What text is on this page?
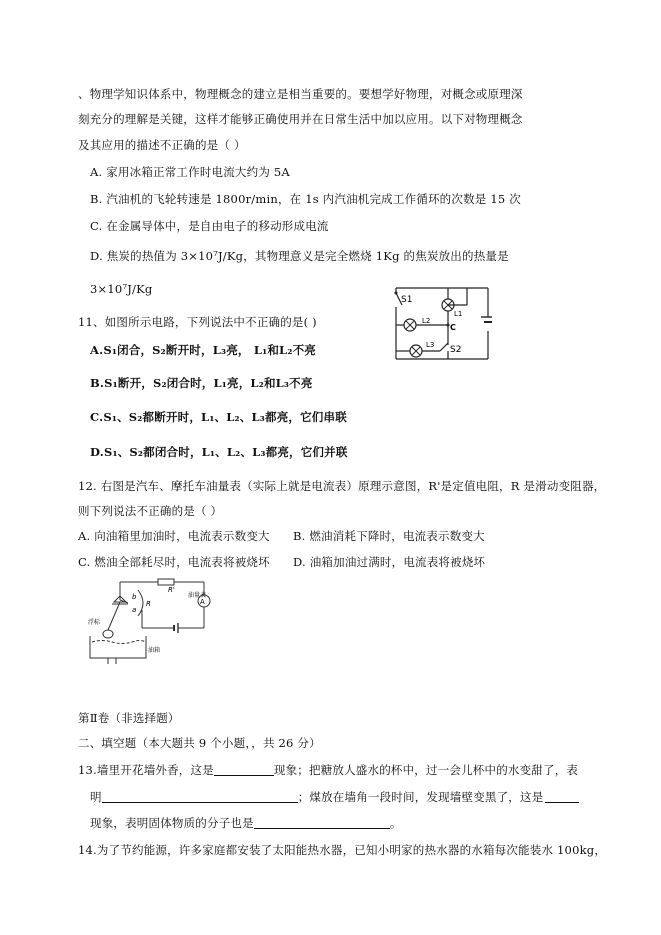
、物理学知识体系中，物理概念的建立是相当重要的。要想学好物理，对概念或原理深
刻充分的理解是关键，这样才能够正确使用并在日常生活中加以应用。以下对物理概念
及其应用的描述不正确的是（ ）
A. 家用冰箱正常工作时电流大约为 5A
B. 汽油机的飞轮转速是 1800r/min，在 1s 内汽油机完成工作循环的次数是 15 次
C. 在金属导体中，是自由电子的移动形成电流
D. 焦炭的热值为 3×10⁷J/Kg，其物理意义是完全燃烧 1Kg 的焦炭放出的热量是
3×10⁷J/Kg
11、如图所示电路，下列说法中不正确的是( )
A.S₁闭合，S₂断开时，L₃亮， L₁和L₂不亮
B.S₁断开，S₂闭合时，L₁亮，L₂和L₃不亮
C.S₁、S₂都断开时，L₁、L₂、L₃都亮，它们串联
D.S₁、S₂都闭合时，L₁、L₂、L₃都亮，它们并联
S1
L1
L2
C
L3 S2
12. 右图是汽车、摩托车油量表（实际上就是电流表）原理示意图，R'是定值电阻，R 是滑动变阻器，
则下列说法不正确的是（ ）
A. 向油箱里加油时，电流表示数变大 B. 燃油消耗下降时，电流表示数变大
C. 燃油全部耗尽时，电流表将被烧坏 D. 油箱加油过满时，电流表将被烧坏
A
R'
b
a
R
浮标
油箱
油量表
第Ⅱ卷（非选择题）
二、填空题（本大题共 9 个小题，，共 26 分）
13.墙里开花墙外香，这是	现象；把糖放人盛水的杯中，过一会儿杯中的水变甜了，表
明	；煤放在墙角一段时间，发现墙壁变黑了，这是
现象，表明固体物质的分子也是	。
14.为了节约能源，许多家庭都安装了太阳能热水器，已知小明家的热水器的水箱每次能装水 100kg，
